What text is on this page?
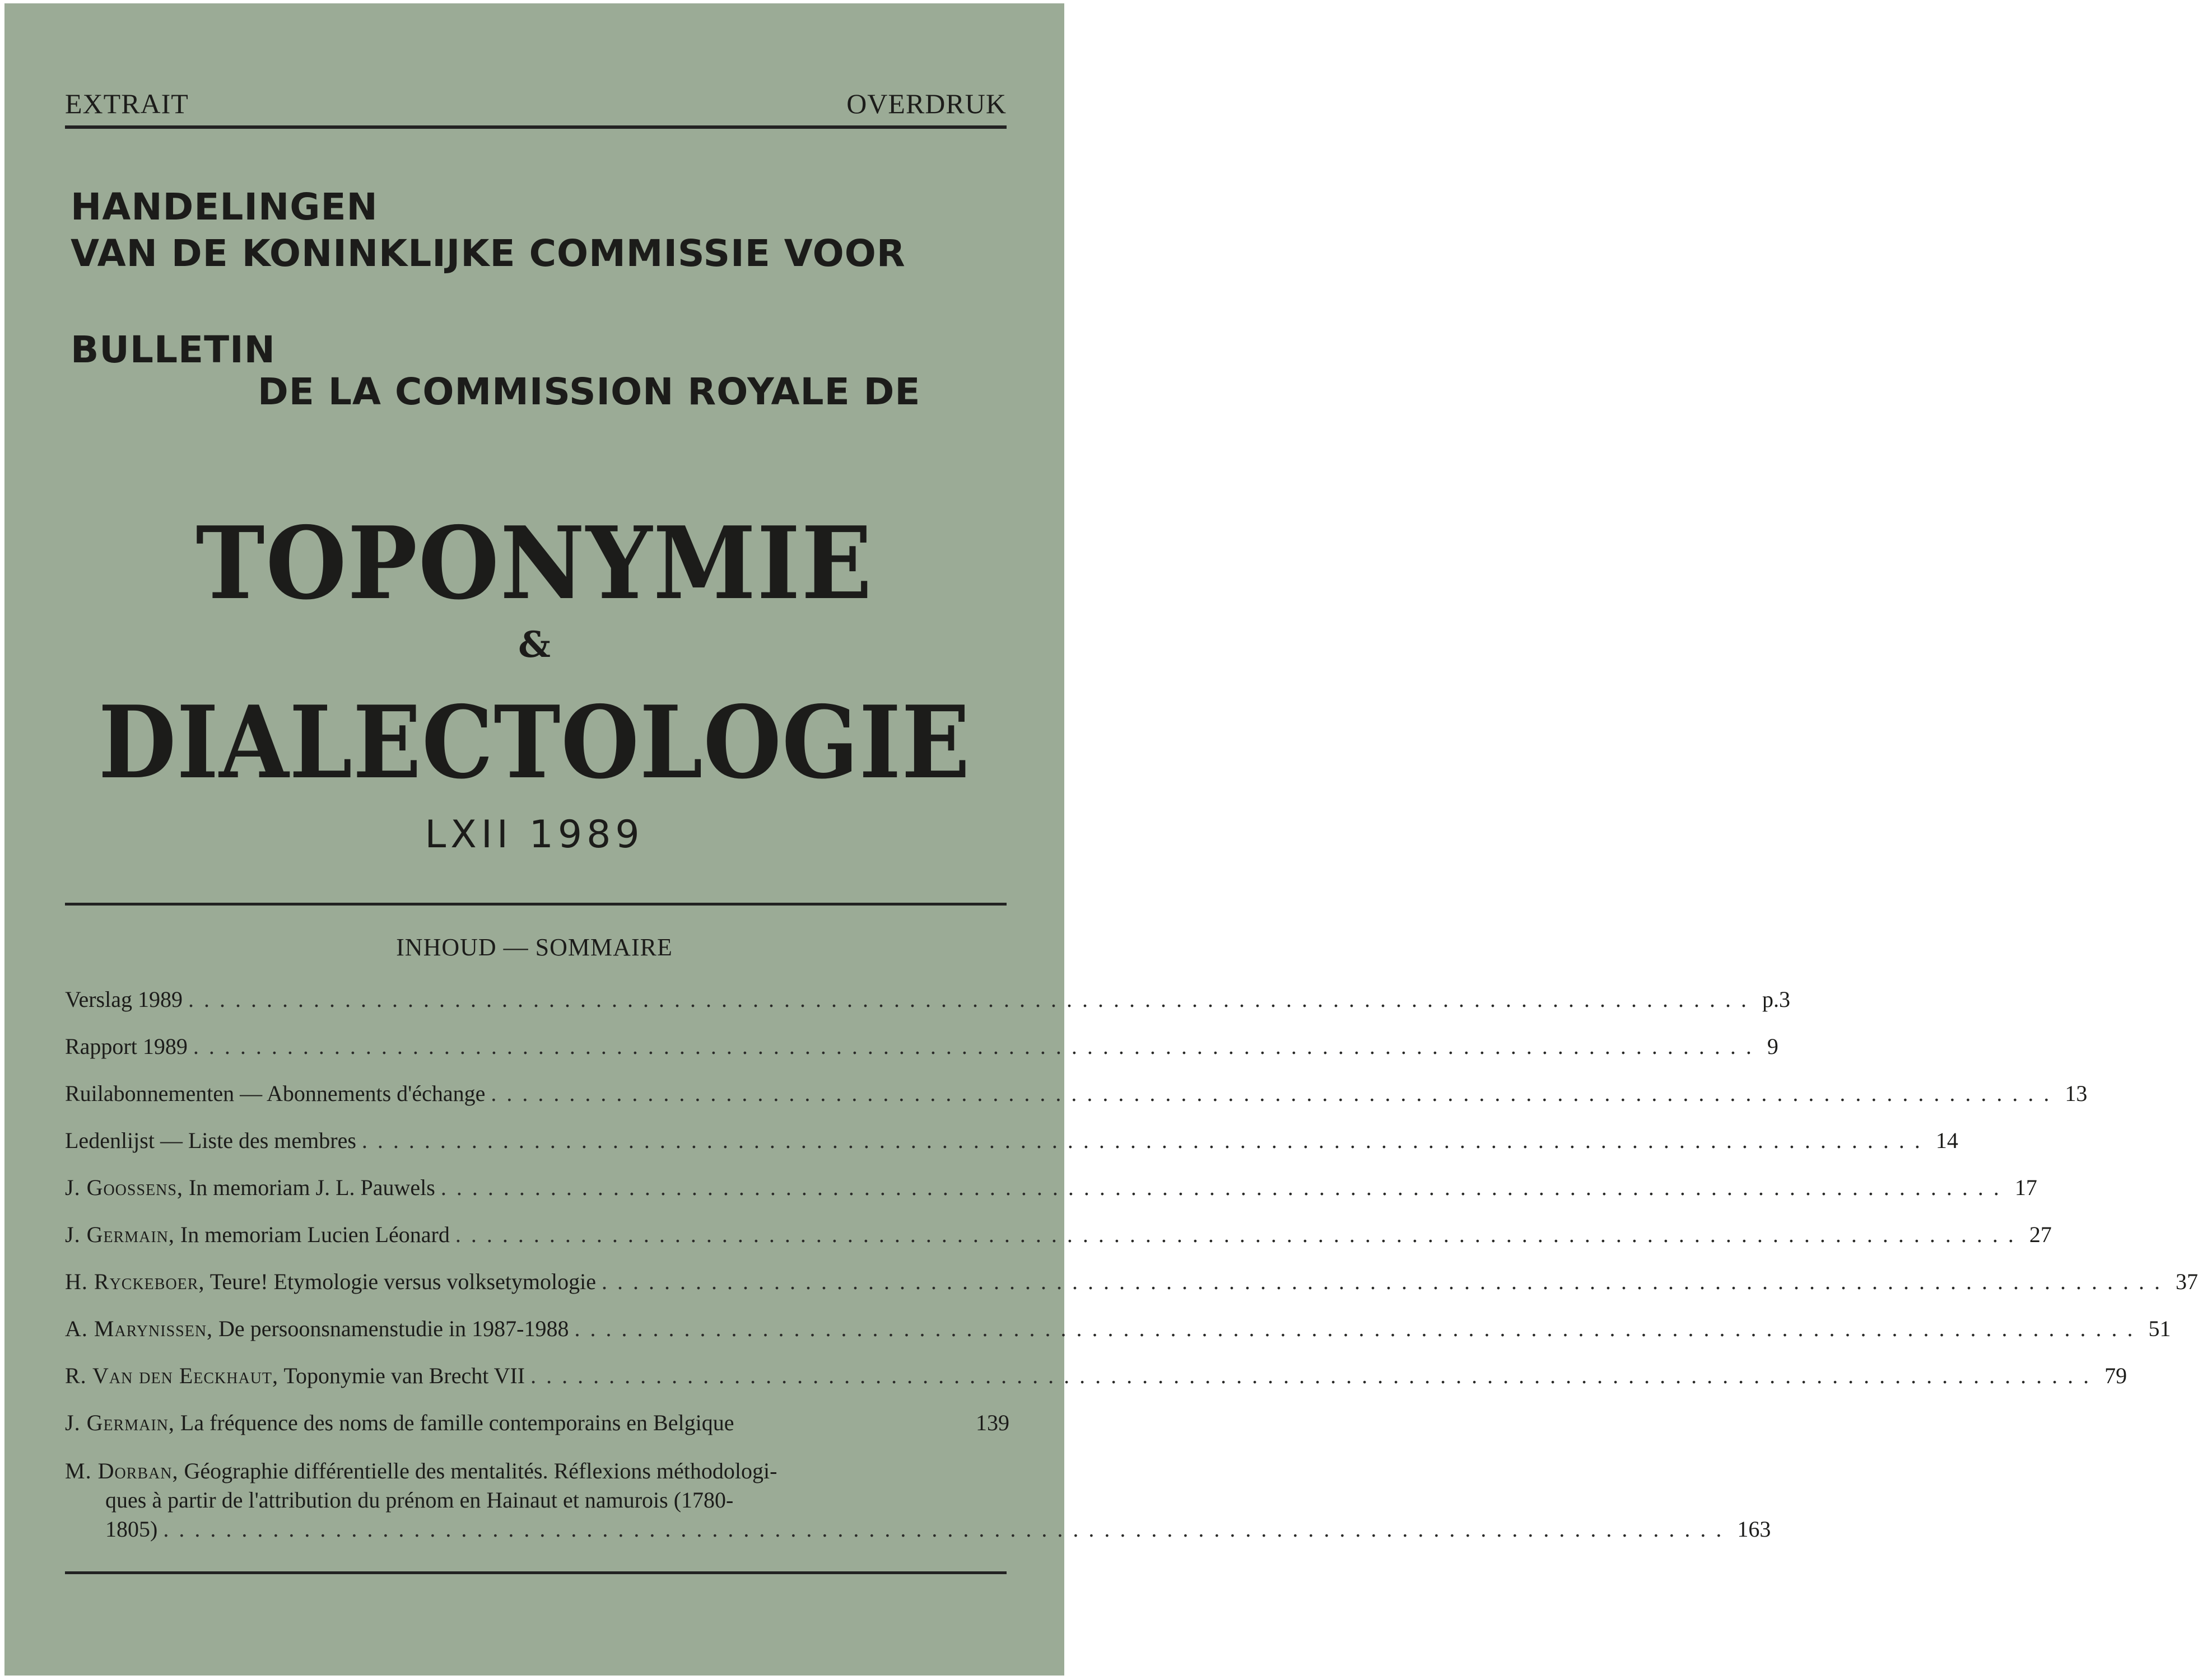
EXTRAIT	OVERDRUK
HANDELINGEN
VAN DE KONINKLIJKE COMMISSIE VOOR
BULLETIN
DE LA COMMISSION ROYALE DE
TOPONYMIE
&
DIALECTOLOGIE
LXII 1989
INHOUD — SOMMAIRE
Verslag 1989 .................................................................................................... p. 3
Rapport 1989 .................................................................................................... 9
Ruilabonnementen — Abonnements d'échange .................................................................................................... 13
Ledenlijst — Liste des membres .................................................................................................... 14
J. Goossens, In memoriam J. L. Pauwels .................................................................................................... 17
J. Germain, In memoriam Lucien Léonard .................................................................................................... 27
H. Ryckeboer, Teure! Etymologie versus volksetymologie .................................................................................................... 37
A. Marynissen, De persoonsnamenstudie in 1987-1988 .................................................................................................... 51
R. Van den Eeckhaut, Toponymie van Brecht VII .................................................................................................... 79
J. Germain, La fréquence des noms de famille contemporains en Belgique	139
M. Dorban, Géographie différentielle des mentalités. Réflexions méthodologi-
ques à partir de l'attribution du prénom en Hainaut et namurois (1780-
1805) .................................................................................................... 163
